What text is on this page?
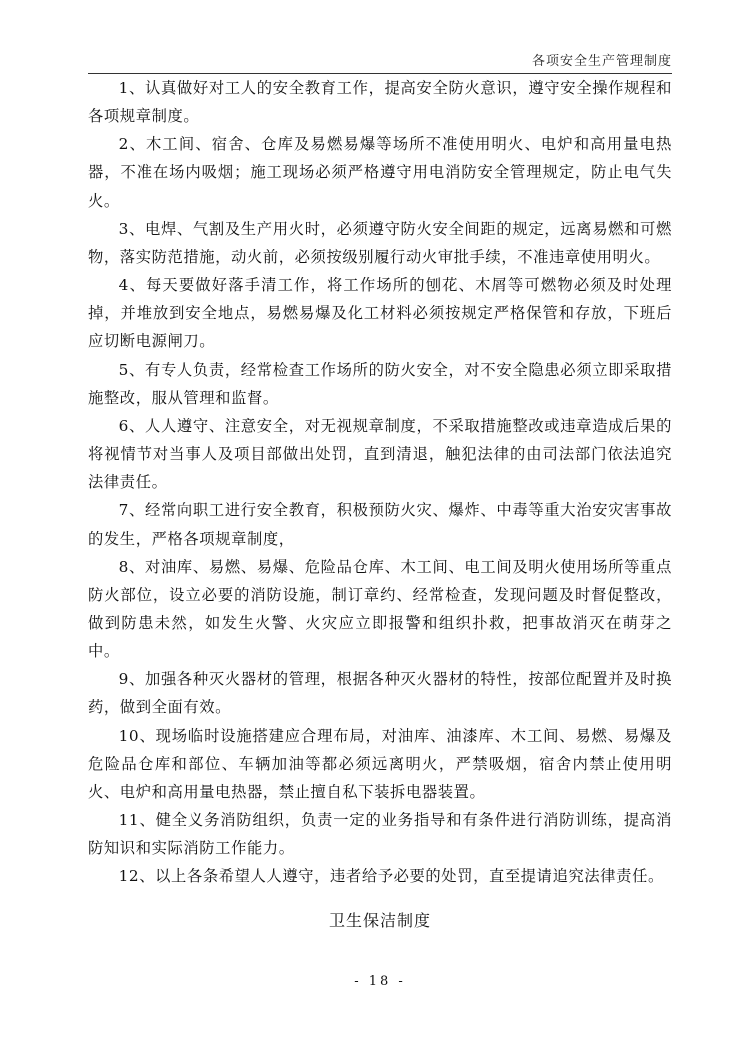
各项安全生产管理制度

1、认真做好对工人的安全教育工作，提高安全防火意识，遵守安全操作规程和各项规章制度。

2、木工间、宿舍、仓库及易燃易爆等场所不准使用明火、电炉和高用量电热器，不准在场内吸烟；施工现场必须严格遵守用电消防安全管理规定，防止电气失火。

3、电焊、气割及生产用火时，必须遵守防火安全间距的规定，远离易燃和可燃物，落实防范措施，动火前，必须按级别履行动火审批手续，不准违章使用明火。

4、每天要做好落手清工作，将工作场所的刨花、木屑等可燃物必须及时处理掉，并堆放到安全地点，易燃易爆及化工材料必须按规定严格保管和存放，下班后应切断电源闸刀。

5、有专人负责，经常检查工作场所的防火安全，对不安全隐患必须立即采取措施整改，服从管理和监督。

6、人人遵守、注意安全，对无视规章制度，不采取措施整改或违章造成后果的将视情节对当事人及项目部做出处罚，直到清退，触犯法律的由司法部门依法追究法律责任。

7、经常向职工进行安全教育，积极预防火灾、爆炸、中毒等重大治安灾害事故的发生，严格各项规章制度，

8、对油库、易燃、易爆、危险品仓库、木工间、电工间及明火使用场所等重点防火部位，设立必要的消防设施，制订章约、经常检查，发现问题及时督促整改，做到防患未然，如发生火警、火灾应立即报警和组织扑救，把事故消灭在萌芽之中。

9、加强各种灭火器材的管理，根据各种灭火器材的特性，按部位配置并及时换药，做到全面有效。

10、现场临时设施搭建应合理布局，对油库、油漆库、木工间、易燃、易爆及危险品仓库和部位、车辆加油等都必须远离明火，严禁吸烟，宿舍内禁止使用明火、电炉和高用量电热器，禁止擅自私下装拆电器装置。

11、健全义务消防组织，负责一定的业务指导和有条件进行消防训练，提高消防知识和实际消防工作能力。

12、以上各条希望人人遵守，违者给予必要的处罚，直至提请追究法律责任。

卫生保洁制度
- 18 -
